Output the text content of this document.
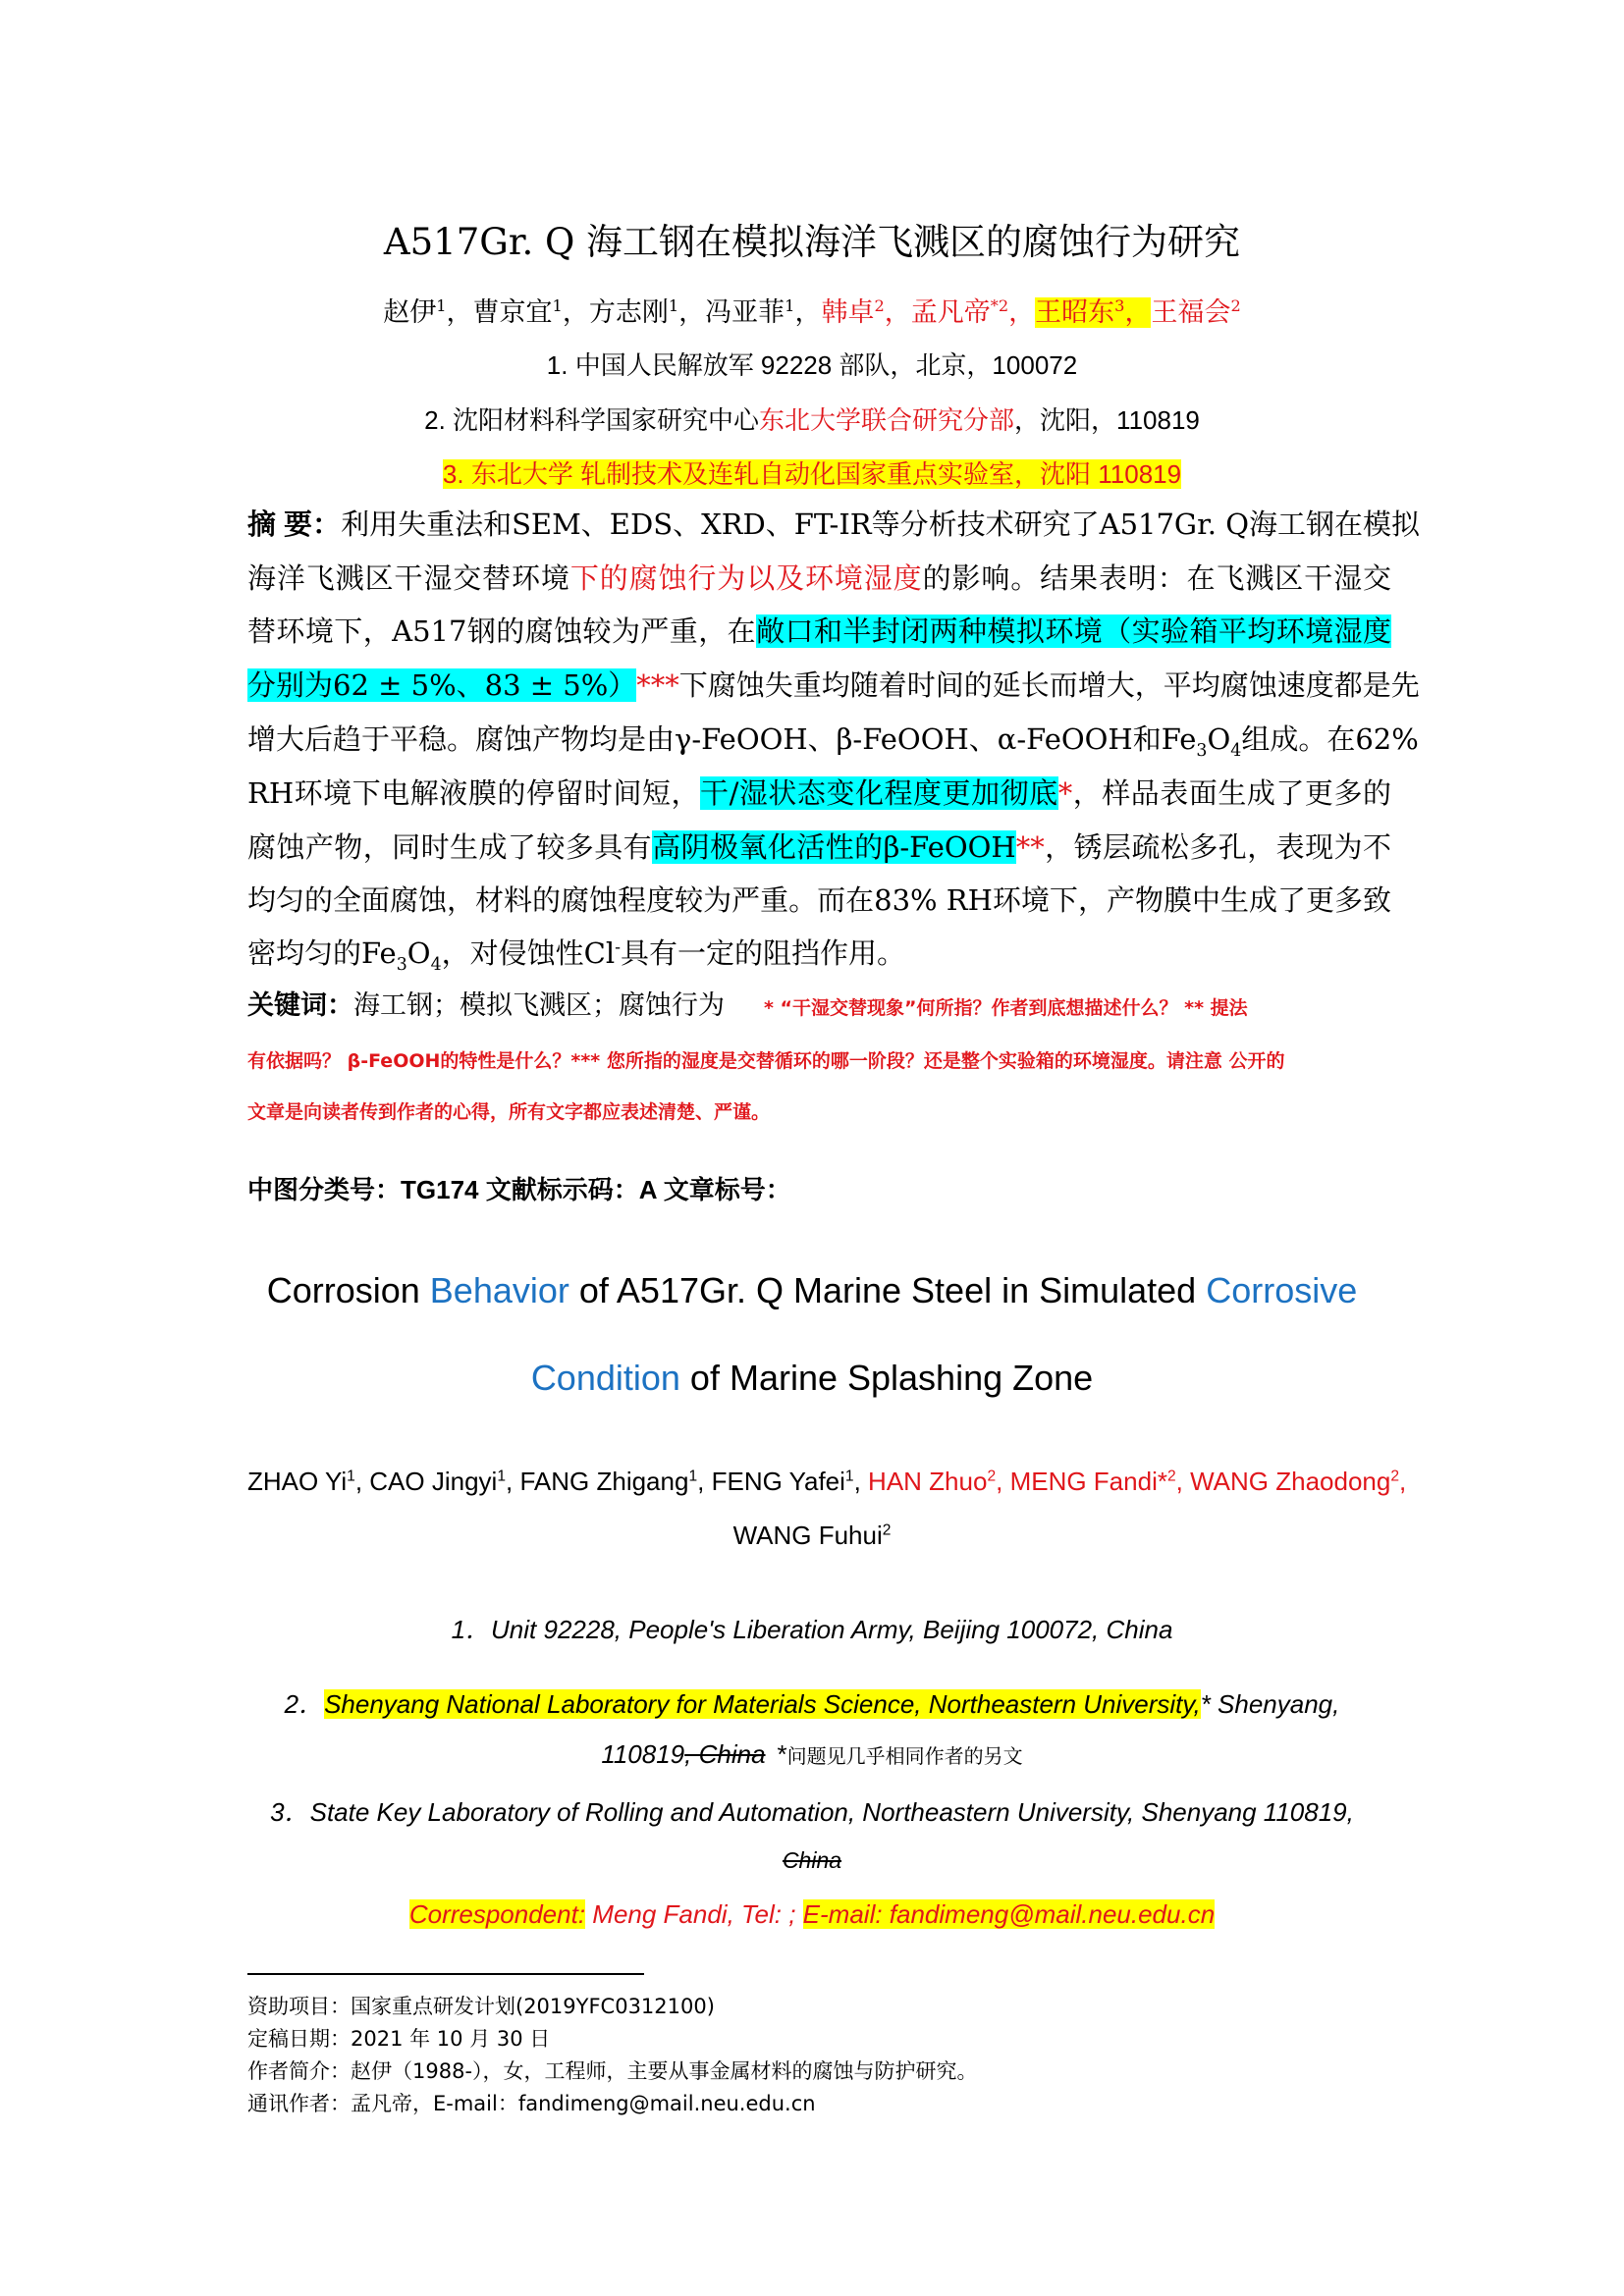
A517Gr. Q 海工钢在模拟海洋飞溅区的腐蚀行为研究
赵伊$^1$，曹京宜$^1$，方志刚$^1$，冯亚菲$^1$，韩卓$^2$，孟凡帝$^{*2}$，王昭东$^3$，王福会$^2$
1. 中国人民解放军 92228 部队，北京，100072
2. 沈阳材料科学国家研究中心东北大学联合研究分部，沈阳，110819
3. 东北大学 轧制技术及连轧自动化国家重点实验室，沈阳 110819
摘 要：利用失重法和SEM、EDS、XRD、FT-IR等分析技术研究了A517Gr. Q海工钢在模拟
海洋飞溅区干湿交替环境下的腐蚀行为以及环境湿度的影响。结果表明：在飞溅区干湿交
替环境下，A517钢的腐蚀较为严重，在敞口和半封闭两种模拟环境（实验箱平均环境湿度
分别为62 ± 5%、83 ± 5%）***下腐蚀失重均随着时间的延长而增大，平均腐蚀速度都是先
增大后趋于平稳。腐蚀产物均是由γ-FeOOH、β-FeOOH、α-FeOOH和$Fe_3O_4$组成。在62%
RH环境下电解液膜的停留时间短，干/湿状态变化程度更加彻底*，样品表面生成了更多的
腐蚀产物，同时生成了较多具有高阴极氧化活性的β-FeOOH**，锈层疏松多孔，表现为不
均匀的全面腐蚀，材料的腐蚀程度较为严重。而在83% RH环境下，产物膜中生成了更多致
密均匀的$Fe_3O_4$，对侵蚀性Cl-具有一定的阻挡作用。
关键词：海工钢；模拟飞溅区；腐蚀行为 * “干湿交替现象”何所指？作者到底想描述什么？ ** 提法
有依据吗？ β-FeOOH的特性是什么？*** 您所指的湿度是交替循环的哪一阶段？还是整个实验箱的环境湿度。请注意 公开的
文章是向读者传到作者的心得，所有文字都应表述清楚、严谨。
中图分类号：TG174 文献标示码：A 文章标号：
Corrosion Behavior of A517Gr. Q Marine Steel in Simulated Corrosive
Condition of Marine Splashing Zone
ZHAO Yi$^1$, CAO Jingyi$^1$, FANG Zhigang$^1$, FENG Yafei$^1$, HAN Zhuo$^2$, MENG Fandi*$^2$, WANG Zhaodong$^2$,
WANG Fuhui$^2$
1．Unit 92228, People's Liberation Army, Beijing 100072, China
2．Shenyang National Laboratory for Materials Science, Northeastern University,* Shenyang,
110819, China *问题见几乎相同作者的另文
3．State Key Laboratory of Rolling and Automation, Northeastern University, Shenyang 110819,
China
Correspondent: Meng Fandi, Tel: ; E-mail: fandimeng@mail.neu.edu.cn
资助项目：国家重点研发计划(2019YFC0312100)
定稿日期：2021 年 10 月 30 日
作者简介：赵伊（1988-），女，工程师，主要从事金属材料的腐蚀与防护研究。
通讯作者：孟凡帝，E-mail：fandimeng@mail.neu.edu.cn
